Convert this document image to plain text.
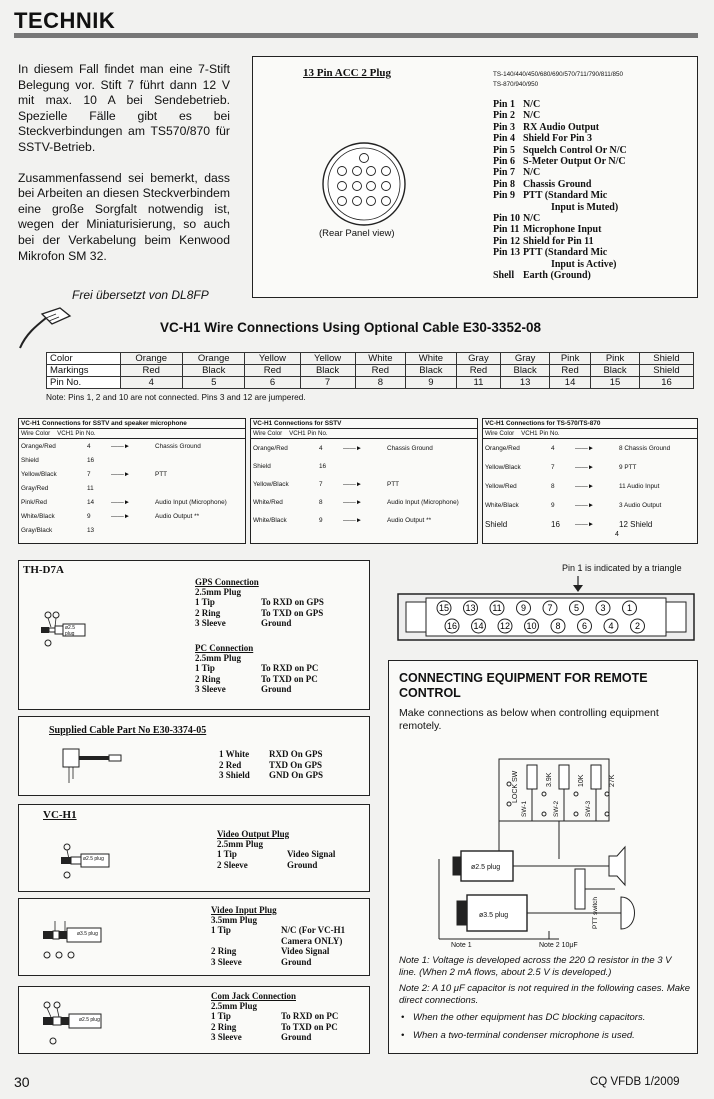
TECHNIK

In diesem Fall findet man eine 7-Stift Belegung vor. Stift 7 führt dann 12 V mit max. 10 A bei Sendebetrieb. Spezielle Fälle gibt es bei Steckverbindungen am TS570/870 für SSTV-Betrieb.

Zusammenfassend sei bemerkt, dass bei Arbeiten an diesen Steckverbindem eine große Sorgfalt notwendig ist, wegen der Miniaturisierung, so auch bei der Verkabelung beim Kenwood Mikrofon SM 32.

Frei übersetzt von DL8FP
13 Pin ACC 2 Plug	TS-140/440/450/680/690/570/711/790/811/850
TS-870/940/950
(Rear Panel view)
Pin 1	N/C
Pin 2	N/C
Pin 3	RX Audio Output
Pin 4	Shield For Pin 3
Pin 5	Squelch Control Or N/C
Pin 6	S-Meter Output Or N/C
Pin 7	N/C
Pin 8	Chassis Ground
Pin 9	PTT (Standard Mic
	Input is Muted)
Pin 10	N/C
Pin 11	Microphone Input
Pin 12	Shield for Pin 11
Pin 13	PTT (Standard Mic
	Input is Active)
Shell	Earth (Ground)
VC-H1 Wire Connections Using Optional Cable E30-3352-08
Color	Orange	Orange	Yellow	Yellow	White	White	Gray	Gray	Pink	Pink	Shield
Markings	Red	Black	Red	Black	Red	Black	Red	Black	Red	Black	Shield
Pin No.	4	5	6	7	8	9	11	13	14	15	16
Note: Pins 1, 2 and 10 are not connected. Pins 3 and 12 are jumpered.
VC-H1 Connections for SSTV and speaker microphone
Wire Color    VCH1 Pin No.
Orange/Red	4	——►	Chassis Ground
Shield	16		
Yellow/Black	7	——►	PTT
Gray/Red	11		
Pink/Red	14	——►	Audio Input (Microphone)
White/Black	9	——►	Audio Output **
Gray/Black	13		
VC-H1 Connections for SSTV
Wire Color    VCH1 Pin No.
Orange/Red	4	——►	Chassis Ground
Shield	16		
Yellow/Black	7	——►	PTT
White/Red	8	——►	Audio Input (Microphone)
White/Black	9	——►	Audio Output **
VC-H1 Connections for TS-570/TS-870
Wire Color    VCH1 Pin No.
Orange/Red	4	——►	8 Chassis Ground
Yellow/Black	7	——►	9 PTT
Yellow/Red	8	——►	11 Audio Input
White/Black	9	——►	3 Audio Output
Shield	16	——►	12 Shield
4
TH-D7A
ø2.5 plug
GPS Connection
2.5mm Plug
1 Tip	To RXD on GPS
2 Ring	To TXD on GPS
3 Sleeve	Ground
PC Connection
2.5mm Plug
1 Tip	To RXD on PC
2 Ring	To TXD on PC
3 Sleeve	Ground
Pin 1 is indicated by a triangle
15 13 11 9 7 5 3 1
16 14 12 10 8 6 4 2
Supplied Cable Part No E30-3374-05
1 White	RXD On GPS
2 Red	TXD On GPS
3 Shield	GND On GPS
VC-H1
ø2.5 plug
Video Output Plug
2.5mm Plug
1 Tip	Video Signal
2 Sleeve	Ground
ø3.5 plug
Video Input Plug
3.5mm Plug
1 Tip	N/C (For VC-H1
	Camera ONLY)
2 Ring	Video Signal
3 Sleeve	Ground
ø2.5 plug
Com Jack Connection
2.5mm Plug
1 Tip	To RXD on PC
2 Ring	To TXD on PC
3 Sleeve	Ground
CONNECTING EQUIPMENT FOR REMOTE
CONTROL
Make connections as below when controlling equipment remotely.
LOCK SW	3.9K	10K	27K
SW-1	SW-2	SW-3
ø2.5 plug
ø3.5 plug	PTT switch
Note 1	Note 2 10μF
Note 1: Voltage is developed across the 220 Ω resistor in the 3 V line. (When 2 mA flows, about 2.5 V is developed.)
Note 2: A 10 μF capacitor is not required in the following cases. Make direct connections.
• When the other equipment has DC blocking capacitors.
• When a two-terminal condenser microphone is used.
30	CQ VFDB 1/2009
